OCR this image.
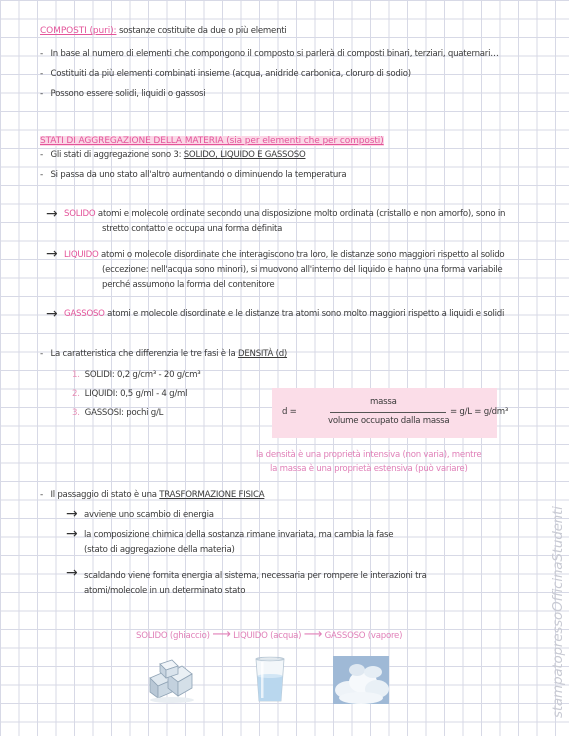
COMPOSTI (puri): sostanze costituite da due o più elementi
- In base al numero di elementi che compongono il composto si parlerà di composti binari, terziari, quaternari…
- Costituiti da più elementi combinati insieme (acqua, anidride carbonica, cloruro di sodio)
- Possono essere solidi, liquidi o gassosi
STATI DI AGGREGAZIONE DELLA MATERIA (sia per elementi che per composti)
- Gli stati di aggregazione sono 3: SOLIDO, LIQUIDO E GASSOSO
- Si passa da uno stato all'altro aumentando o diminuendo la temperatura
→ SOLIDO atomi e molecole ordinate secondo una disposizione molto ordinata (cristallo e non amorfo), sono in
stretto contatto e occupa una forma definita
→ LIQUIDO atomi o molecole disordinate che interagiscono tra loro, le distanze sono maggiori rispetto al solido
(eccezione: nell'acqua sono minori), si muovono all'interno del liquido e hanno una forma variabile
perché assumono la forma del contenitore
→ GASSOSO atomi e molecole disordinate e le distanze tra atomi sono molto maggiori rispetto a liquidi e solidi
- La caratteristica che differenzia le tre fasi è la DENSITÀ (d)
1. SOLIDI: 0,2 g/cm³ - 20 g/cm³
2. LIQUIDI: 0,5 g/ml - 4 g/ml
3. GASSOSI: pochi g/L	d =
massa
volume occupato dalla massa
= g/L = g/dm³
la densità è una proprietà intensiva (non varia), mentre
la massa è una proprietà estensiva (può variare)
- Il passaggio di stato è una TRASFORMAZIONE FISICA
→ avviene uno scambio di energia
→ la composizione chimica della sostanza rimane invariata, ma cambia la fase
(stato di aggregazione della materia)
→ scaldando viene fornita energia al sistema, necessaria per rompere le interazioni tra
atomi/molecole in un determinato stato
SOLIDO (ghiaccio) ⟶ LIQUIDO (acqua) ⟶ GASSOSO (vapore)	stampatopressoOfficinaStudenti
